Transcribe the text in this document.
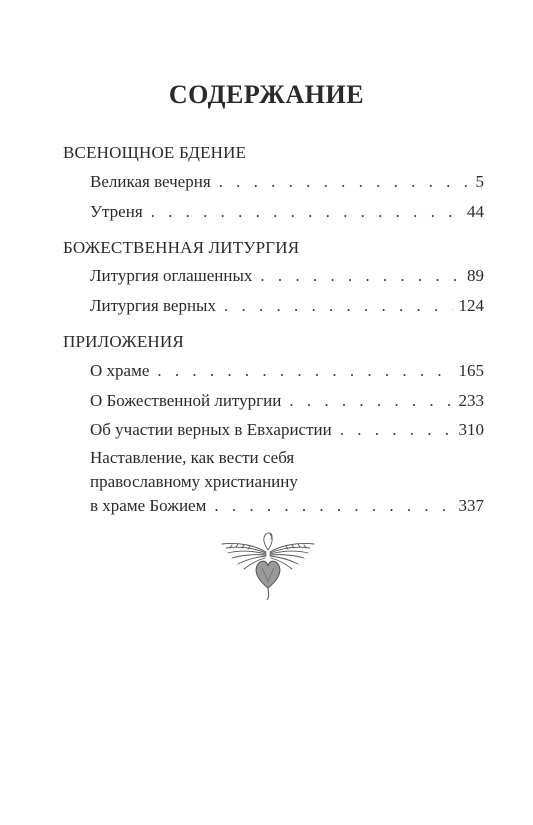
СОДЕРЖАНИЕ
ВСЕНОЩНОЕ БДЕНИЕ
Великая вечерня . . .	5
Утреня . . .	44
БОЖЕСТВЕННАЯ ЛИТУРГИЯ
Литургия оглашенных . . .	89
Литургия верных . . .	124
ПРИЛОЖЕНИЯ
О храме . . .	165
О Божественной литургии . . .	233
Об участии верных в Евхаристии . . .	310
Наставление, как вести себя
православному христианину
в храме Божием . . .	337
